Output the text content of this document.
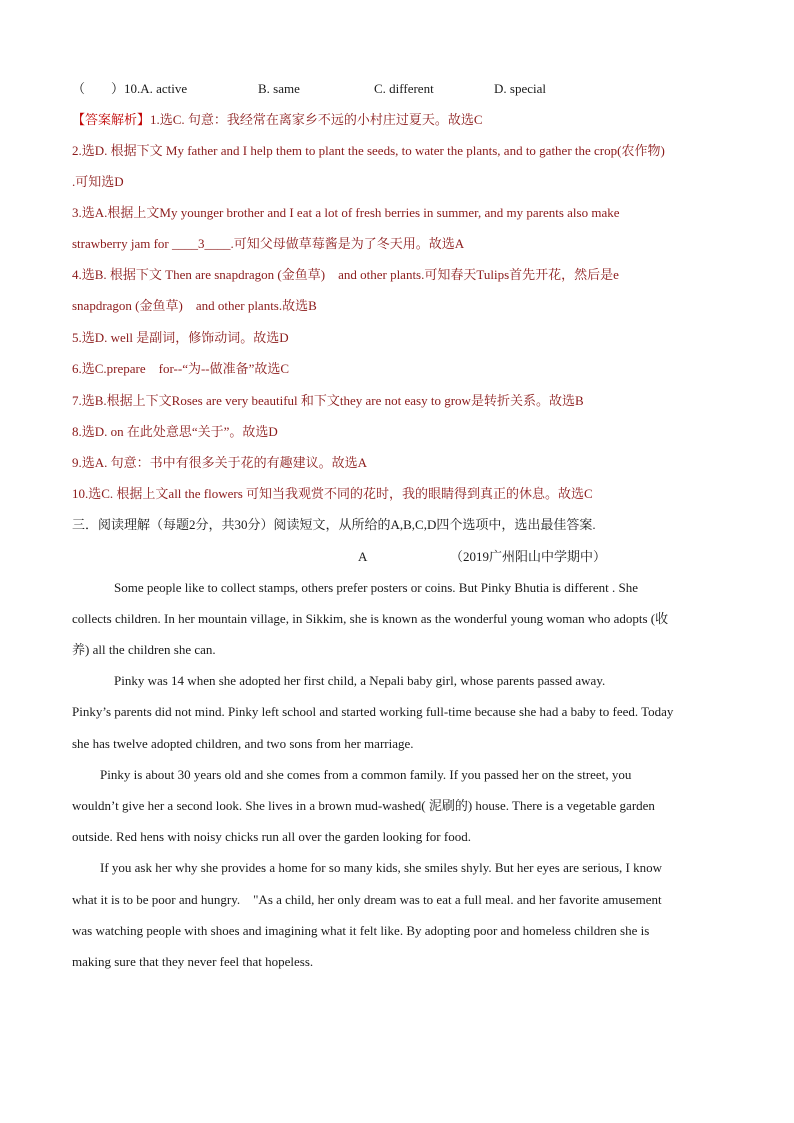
（　　）10.A. active	B. same	C. different	D. special
【答案解析】1.选C. 句意：我经常在离家乡不远的小村庄过夏天。故选C
2.选D. 根据下文 My father and I help them to plant the seeds, to water the plants, and to gather the crop(农作物)
.可知选D
3.选A.根据上文My younger brother and I eat a lot of fresh berries in summer, and my parents also make
strawberry jam for ____3____.可知父母做草莓酱是为了冬天用。故选A
4.选B. 根据下文 Then are snapdragon (金鱼草)　and other plants.可知春天Tulips首先开花，然后是e
snapdragon (金鱼草)　and other plants.故选B
5.选D. well 是副词，修饰动词。故选D
6.选C.prepare　for--“为--做准备”故选C
7.选B.根据上下文Roses are very beautiful 和下文they are not easy to grow是转折关系。故选B
8.选D. on 在此处意思“关于”。故选D
9.选A. 句意：书中有很多关于花的有趣建议。故选A
10.选C. 根据上文all the flowers 可知当我观赏不同的花时，我的眼睛得到真正的休息。故选C
三．阅读理解（每题2分，共30分）阅读短文，从所给的A,B,C,D四个选项中，选出最佳答案.
A	（2019广州阳山中学期中）
Some people like to collect stamps, others prefer posters or coins. But Pinky Bhutia is different . She
collects children. In her mountain village, in Sikkim, she is known as the wonderful young woman who adopts (收
养) all the children she can.
Pinky was 14 when she adopted her first child, a Nepali baby girl, whose parents passed away.
Pinky’s parents did not mind. Pinky left school and started working full-time because she had a baby to feed. Today
she has twelve adopted children, and two sons from her marriage.
Pinky is about 30 years old and she comes from a common family. If you passed her on the street, you
wouldn’t give her a second look. She lives in a brown mud-washed( 泥刷的) house. There is a vegetable garden
outside. Red hens with noisy chicks run all over the garden looking for food.
If you ask her why she provides a home for so many kids, she smiles shyly. But her eyes are serious, I know
what it is to be poor and hungry.　"As a child, her only dream was to eat a full meal. and her favorite amusement
was watching people with shoes and imagining what it felt like. By adopting poor and homeless children she is
making sure that they never feel that hopeless.
